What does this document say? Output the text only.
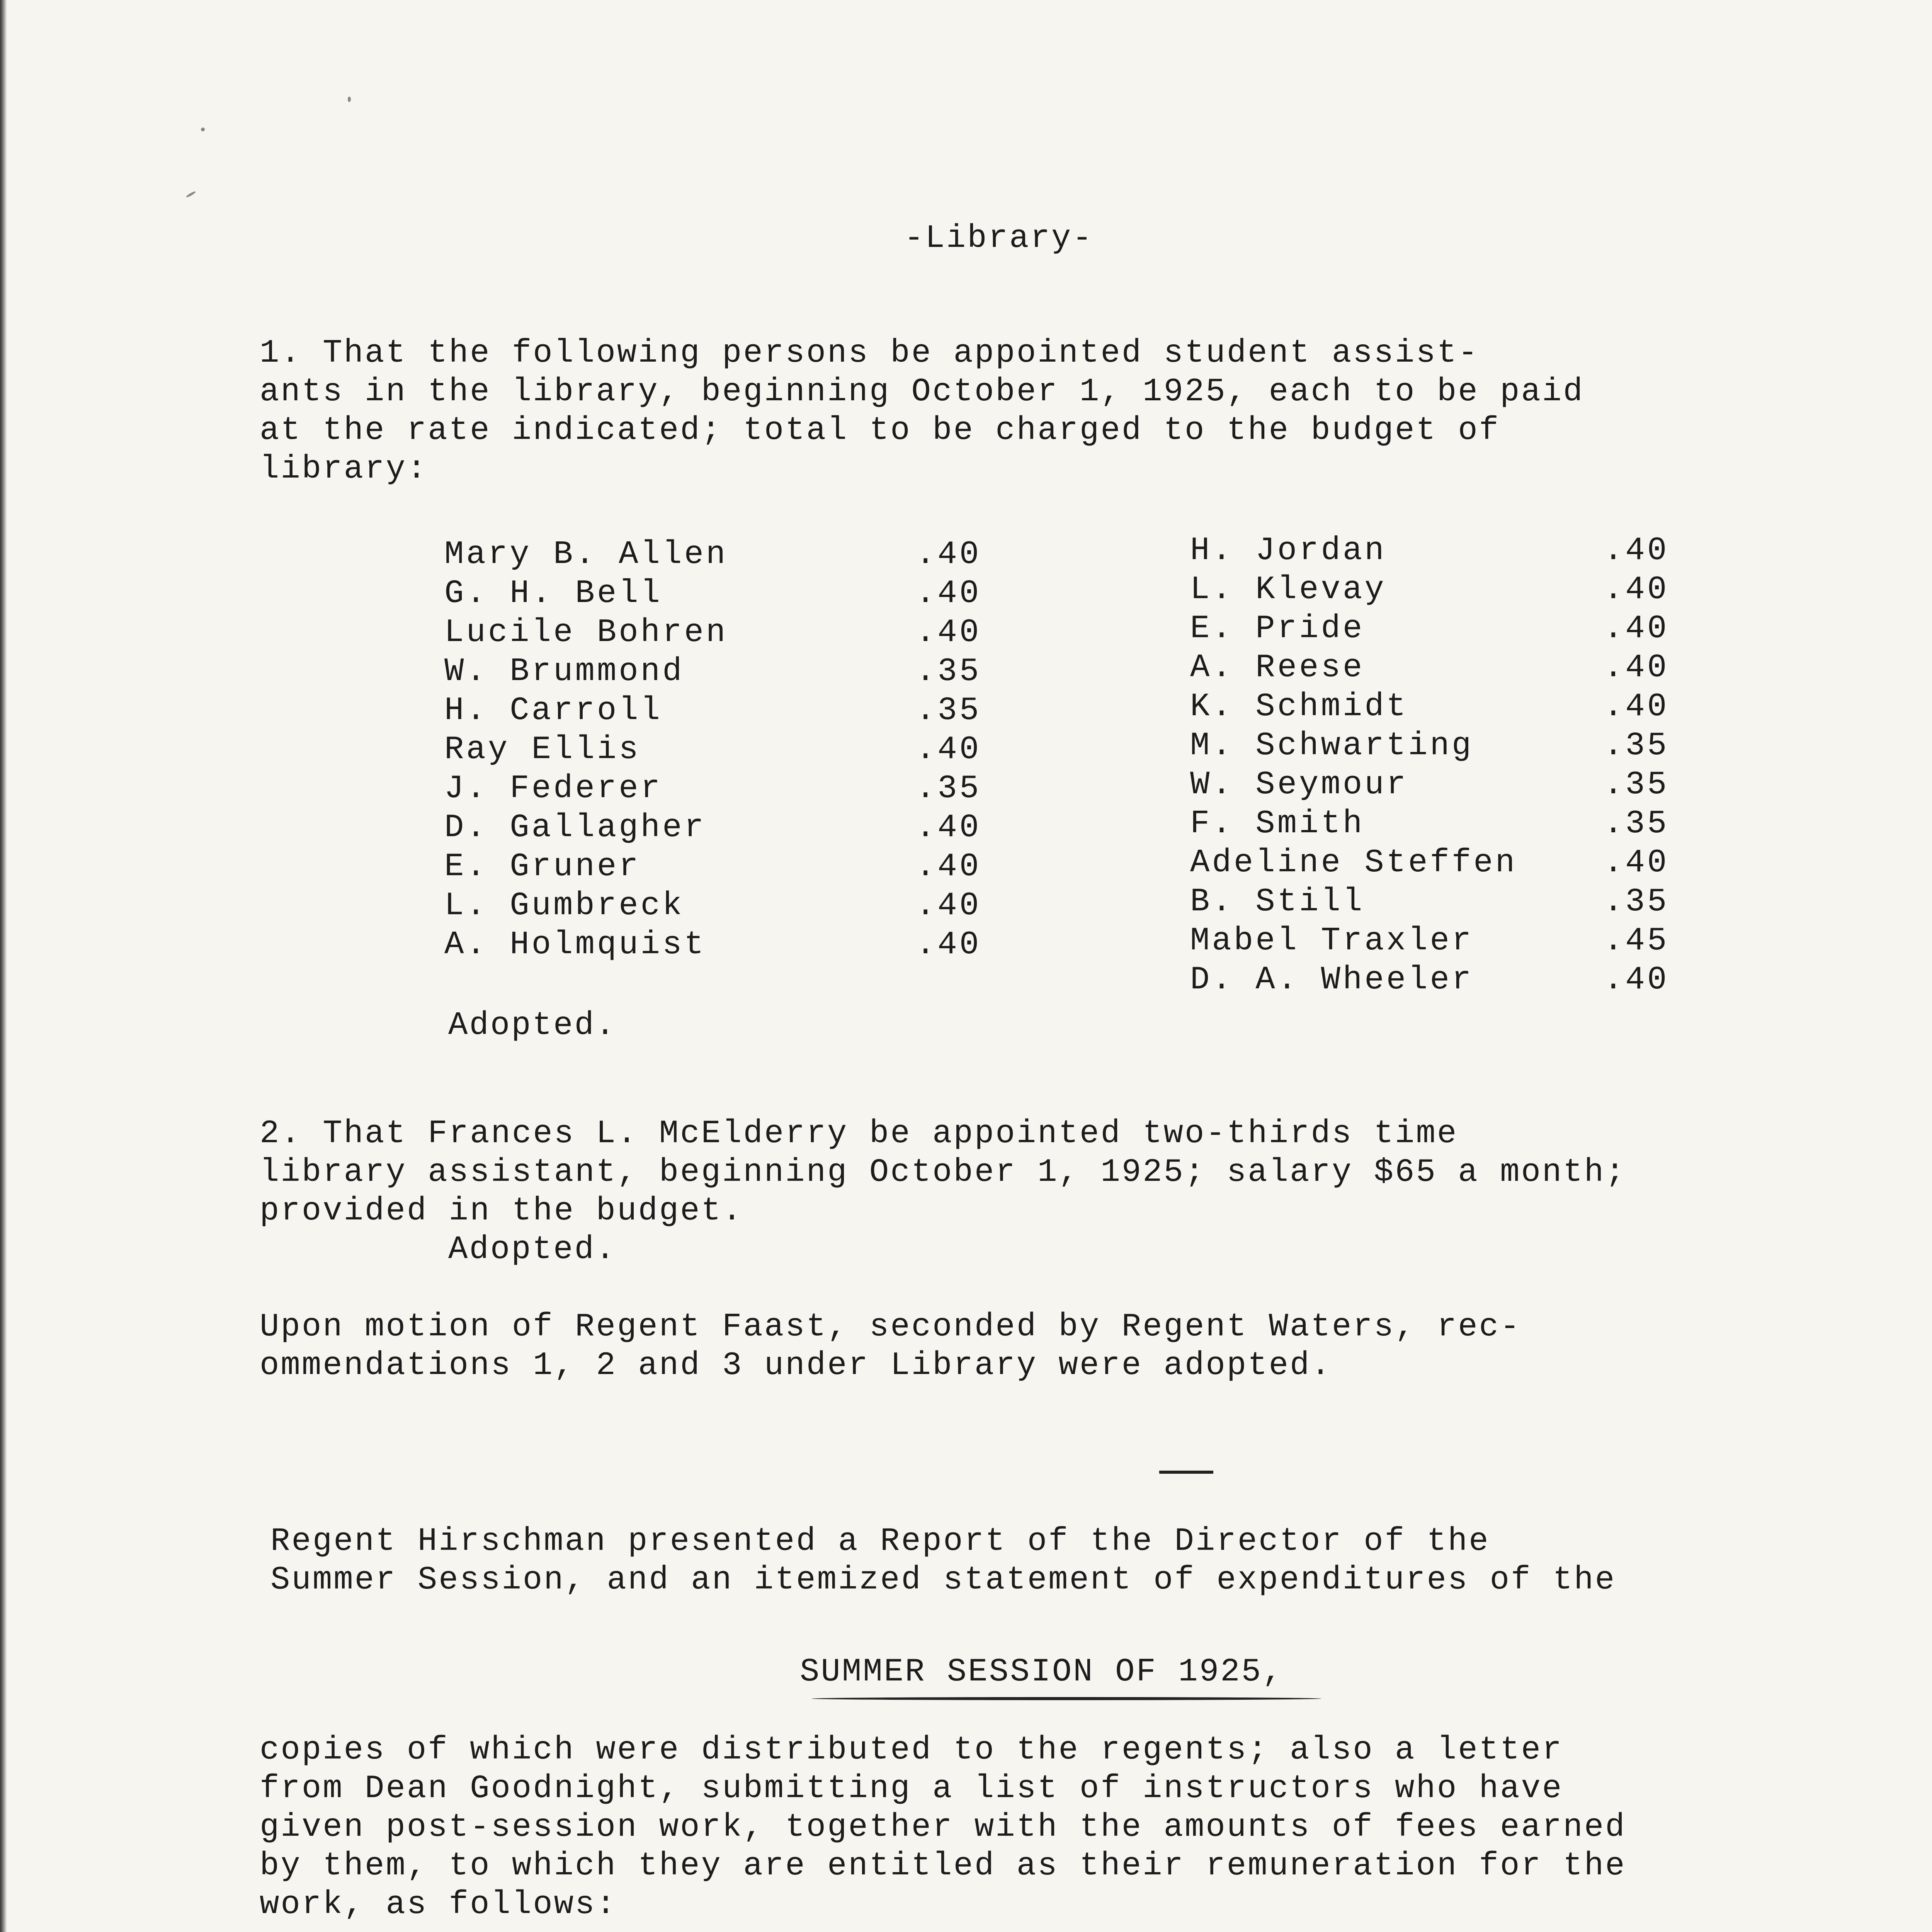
-Library-
1. That the following persons be appointed student assist-
ants in the library, beginning October 1, 1925, each to be paid
at the rate indicated; total to be charged to the budget of
library:
Mary B. Allen
G. H. Bell
Lucile Bohren
W. Brummond
H. Carroll
Ray Ellis
J. Federer
D. Gallagher
E. Gruner
L. Gumbreck
A. Holmquist
.40
.40
.40
.35
.35
.40
.35
.40
.40
.40
.40
H. Jordan
L. Klevay
E. Pride
A. Reese
K. Schmidt
M. Schwarting
W. Seymour
F. Smith
Adeline Steffen
B. Still
Mabel Traxler
D. A. Wheeler
.40
.40
.40
.40
.40
.35
.35
.35
.40
.35
.45
.40
Adopted.
2. That Frances L. McElderry be appointed two-thirds time
library assistant, beginning October 1, 1925; salary $65 a month;
provided in the budget.
Adopted.
Upon motion of Regent Faast, seconded by Regent Waters, rec-
ommendations 1, 2 and 3 under Library were adopted.
Regent Hirschman presented a Report of the Director of the
Summer Session, and an itemized statement of expenditures of the
SUMMER SESSION OF 1925,
copies of which were distributed to the regents; also a letter
from Dean Goodnight, submitting a list of instructors who have
given post-session work, together with the amounts of fees earned
by them, to which they are entitled as their remuneration for the
work, as follows:
